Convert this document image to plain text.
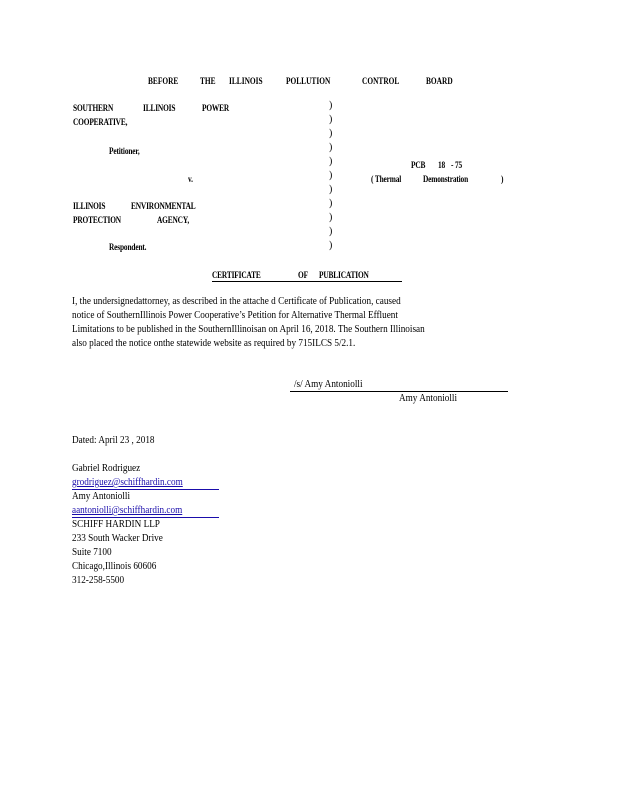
BEFORE THE ILLINOIS	POLLUTION	CONTROL	BOARD
SOUTHERN	ILLINOIS	POWER
COOPERATIVE,
Petitioner,
v.
ILLINOIS	ENVIRONMENTAL
PROTECTION	AGENCY,
Respondent.
)
)
)
)
)
)
)
)
)
)
)
PCB 18 - 75
( Thermal Demonstration	)
CERTIFICATE	OF PUBLICATION
I, the undersignedattorney, as described in the attache d Certificate of Publication, caused
notice of SouthernIllinois Power Cooperative’s Petition for Alternative Thermal Effluent
Limitations to be published in the SouthernIllinoisan on April 16, 2018. The Southern Illinoisan
also placed the notice onthe statewide website as required by 715ILCS 5/2.1.
/s/ Amy Antoniolli
Amy Antoniolli
Dated: April 23 , 2018
Gabriel Rodriguez
grodriguez@schiffhardin.com
Amy Antoniolli
aantoniolli@schiffhardin.com
SCHIFF HARDIN LLP
233 South Wacker Drive
Suite 7100
Chicago,Illinois 60606
312-258-5500
